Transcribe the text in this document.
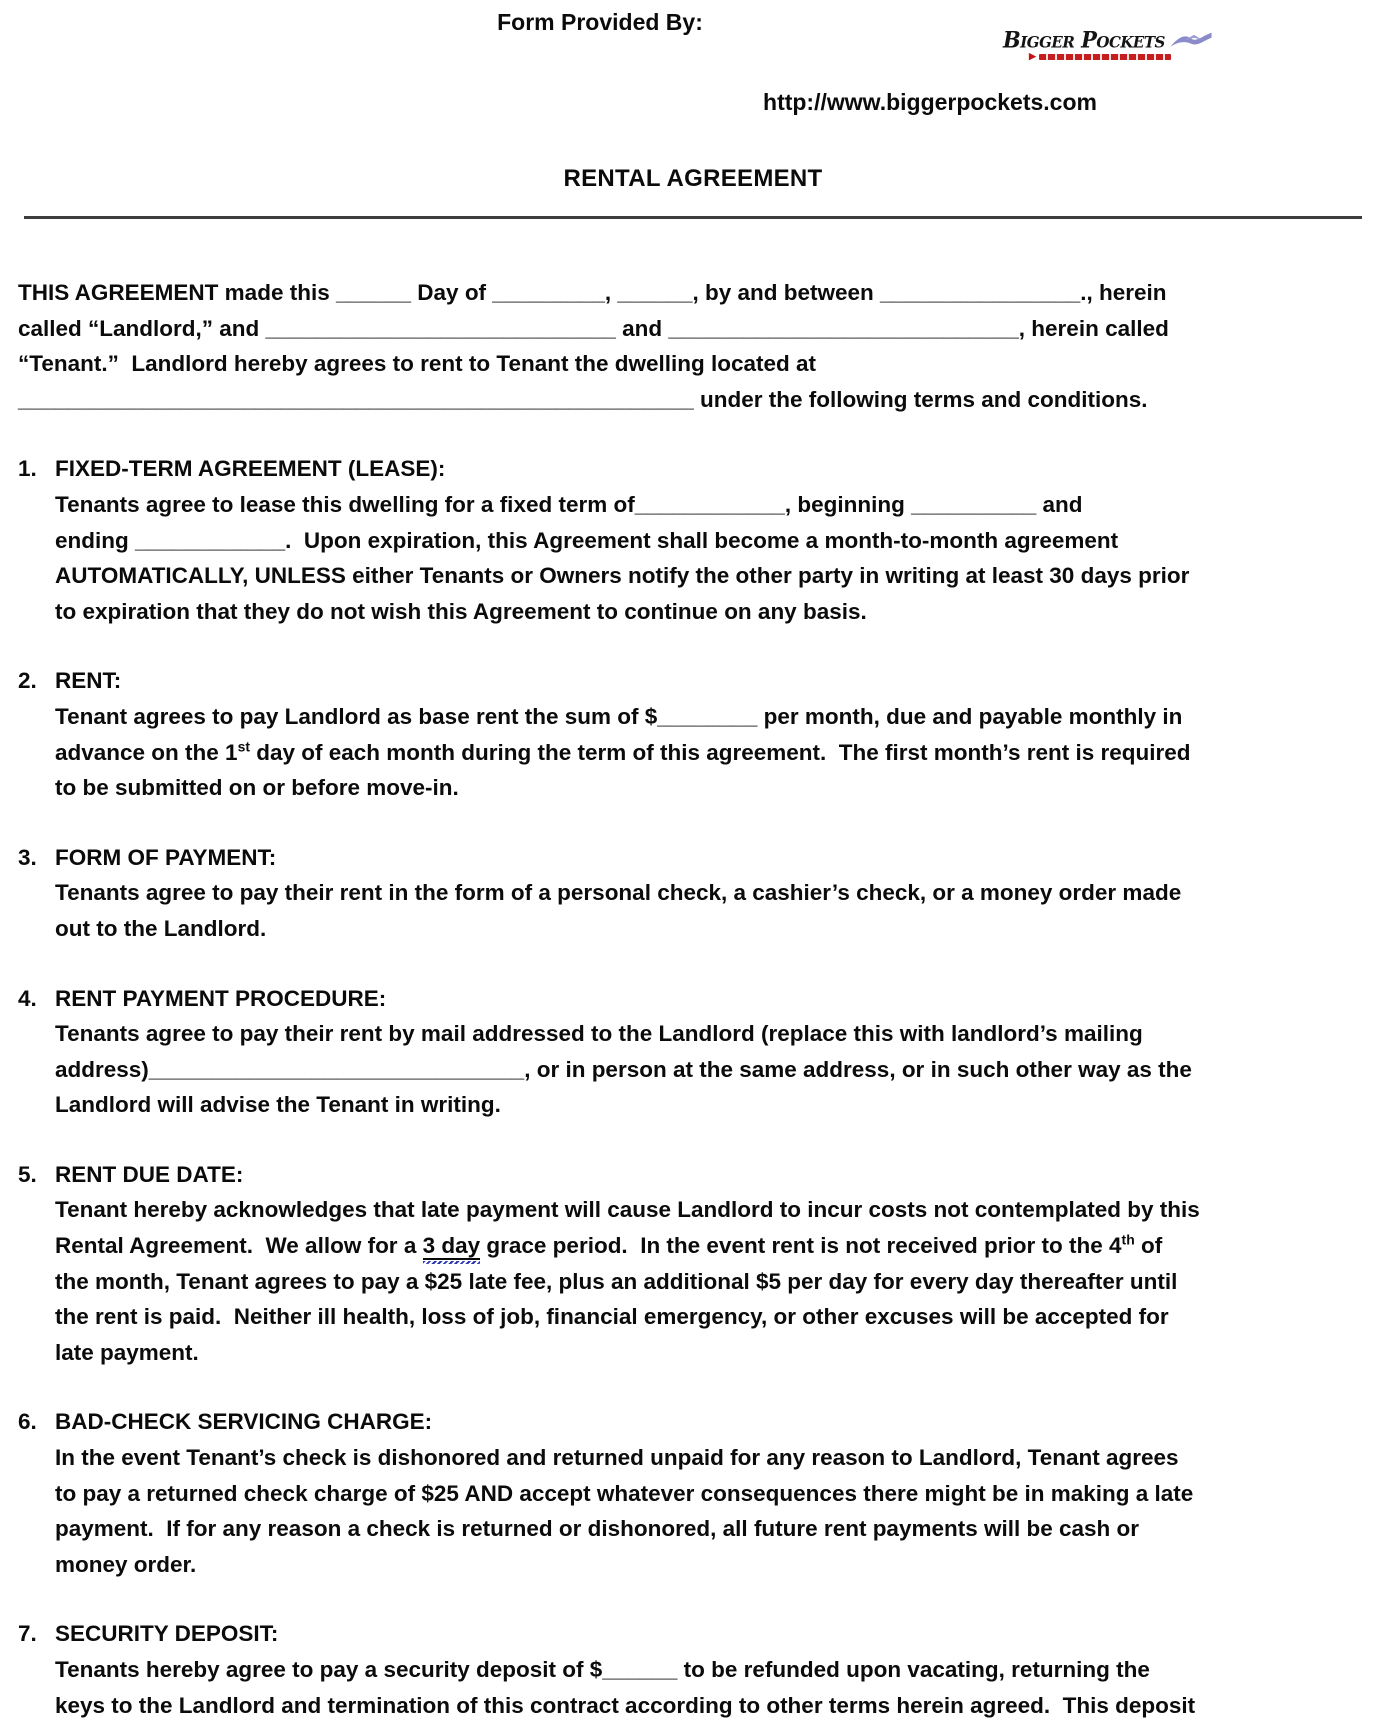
Form Provided By:
Bigger Pockets
▶
http://www.biggerpockets.com
RENTAL AGREEMENT
THIS AGREEMENT made this ______ Day of _________, ______, by and between ________________., herein
called “Landlord,” and ____________________________ and ____________________________, herein called
“Tenant.”  Landlord hereby agrees to rent to Tenant the dwelling located at
______________________________________________________ under the following terms and conditions.
1. FIXED-TERM AGREEMENT (LEASE):
Tenants agree to lease this dwelling for a fixed term of____________, beginning __________ and
ending ____________.  Upon expiration, this Agreement shall become a month-to-month agreement
AUTOMATICALLY, UNLESS either Tenants or Owners notify the other party in writing at least 30 days prior
to expiration that they do not wish this Agreement to continue on any basis.
2. RENT:
Tenant agrees to pay Landlord as base rent the sum of $________ per month, due and payable monthly in
advance on the 1st day of each month during the term of this agreement.  The first month’s rent is required
to be submitted on or before move-in.
3. FORM OF PAYMENT:
Tenants agree to pay their rent in the form of a personal check, a cashier’s check, or a money order made
out to the Landlord.
4. RENT PAYMENT PROCEDURE:
Tenants agree to pay their rent by mail addressed to the Landlord (replace this with landlord’s mailing
address)______________________________, or in person at the same address, or in such other way as the
Landlord will advise the Tenant in writing.
5. RENT DUE DATE:
Tenant hereby acknowledges that late payment will cause Landlord to incur costs not contemplated by this
Rental Agreement.  We allow for a 3 day grace period.  In the event rent is not received prior to the 4th of
the month, Tenant agrees to pay a $25 late fee, plus an additional $5 per day for every day thereafter until
the rent is paid.  Neither ill health, loss of job, financial emergency, or other excuses will be accepted for
late payment.
6. BAD-CHECK SERVICING CHARGE:
In the event Tenant’s check is dishonored and returned unpaid for any reason to Landlord, Tenant agrees
to pay a returned check charge of $25 AND accept whatever consequences there might be in making a late
payment.  If for any reason a check is returned or dishonored, all future rent payments will be cash or
money order.
7. SECURITY DEPOSIT:
Tenants hereby agree to pay a security deposit of $______ to be refunded upon vacating, returning the
keys to the Landlord and termination of this contract according to other terms herein agreed.  This deposit
